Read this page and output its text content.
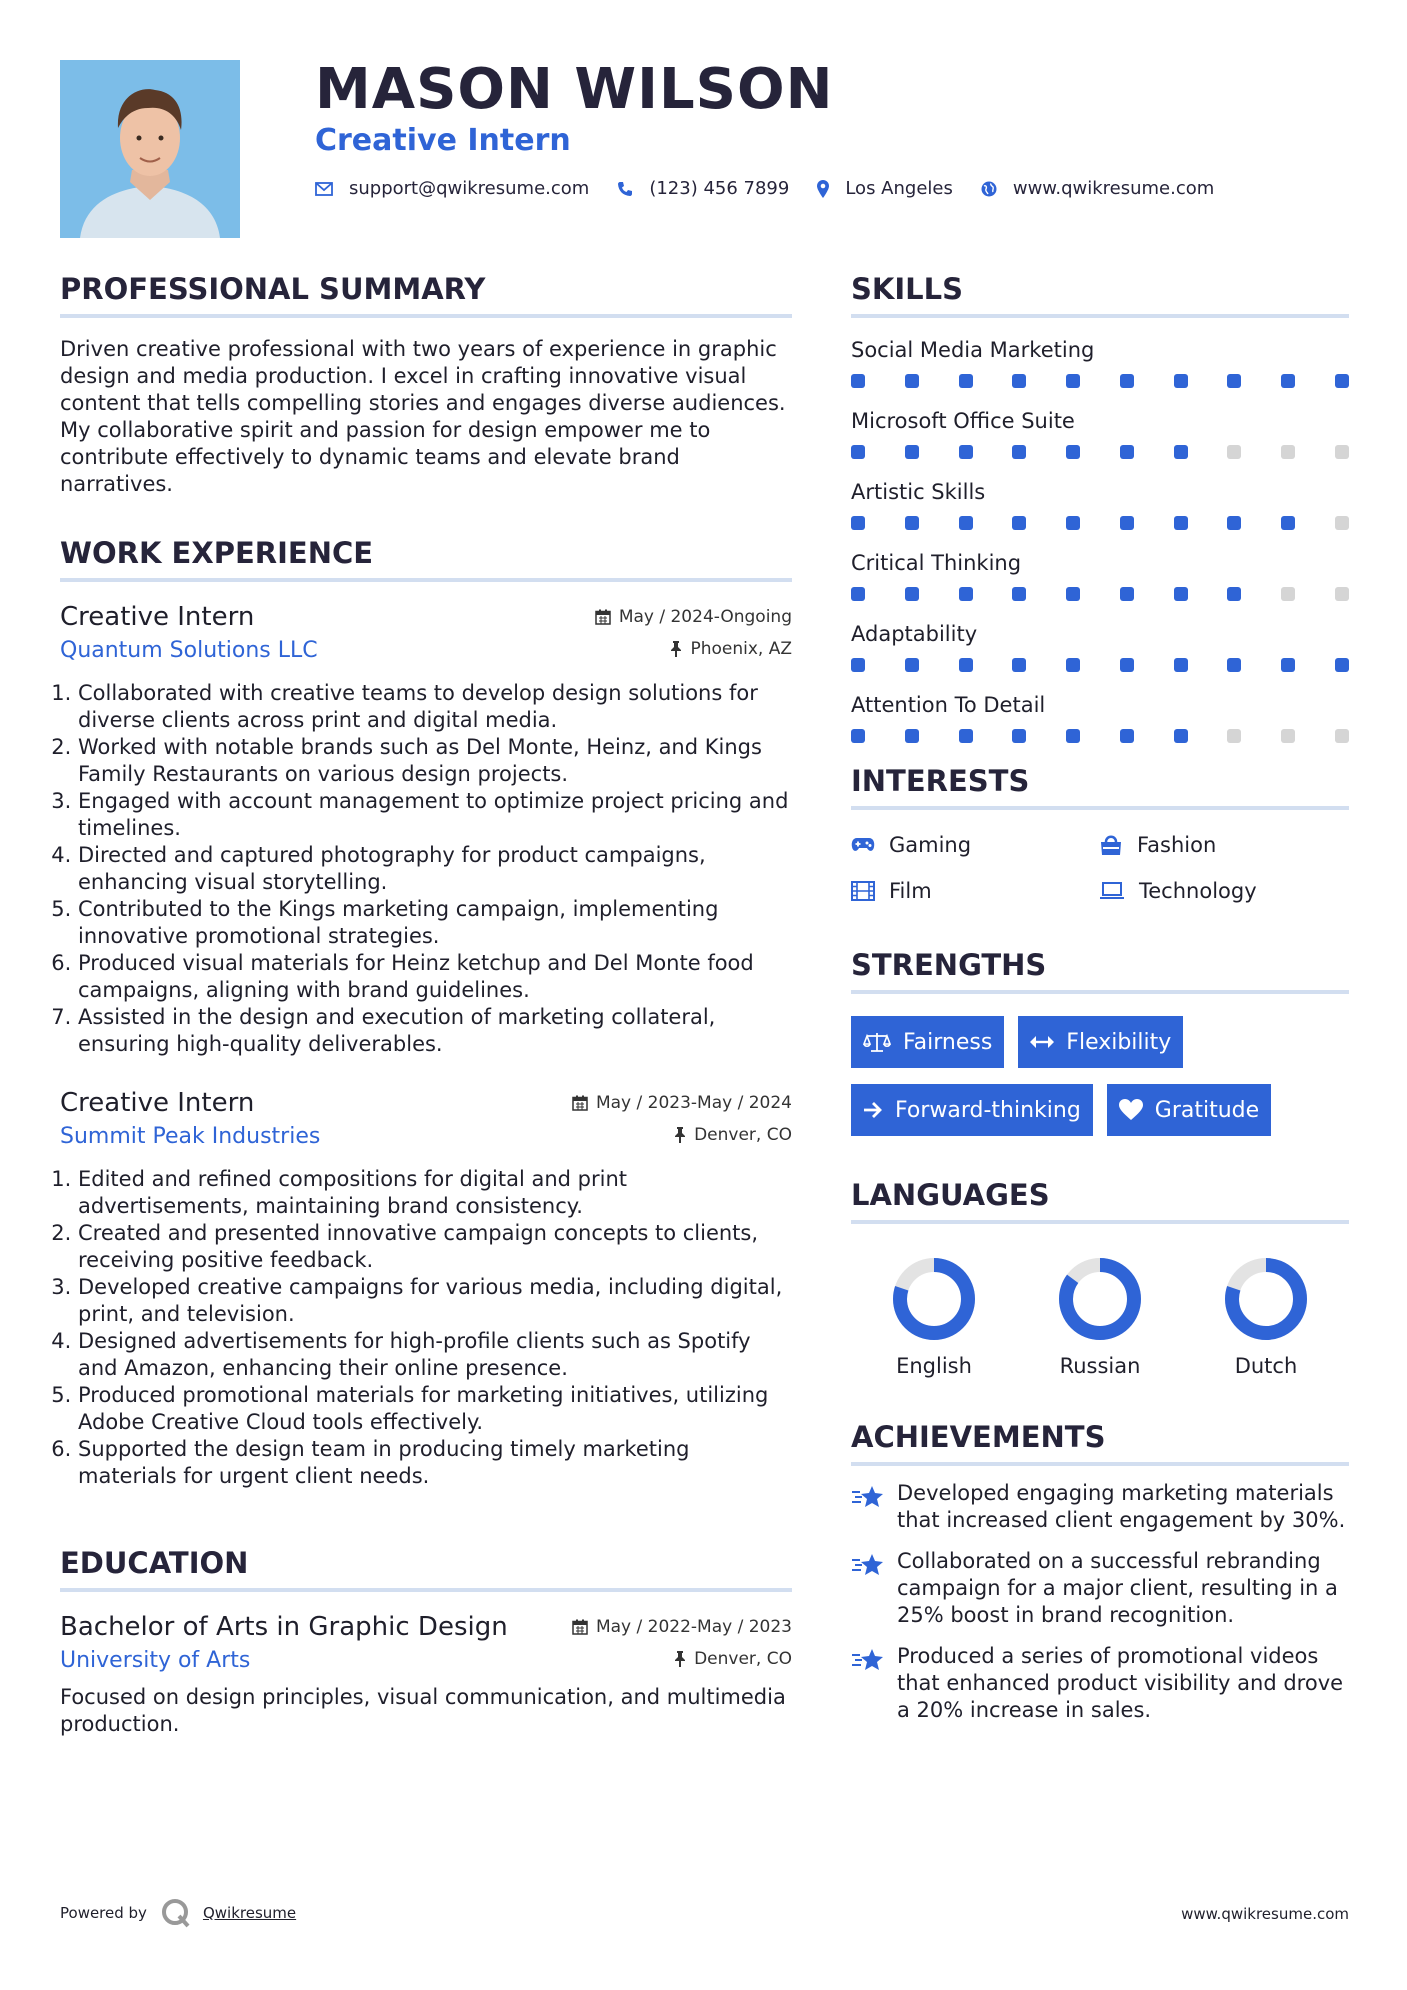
MASON WILSON
Creative Intern
support@qwikresume.com	(123) 456 7899	Los Angeles	www.qwikresume.com
PROFESSIONAL SUMMARY

Driven creative professional with two years of experience in graphic design and media production. I excel in crafting innovative visual content that tells compelling stories and engages diverse audiences. My collaborative spirit and passion for design empower me to contribute effectively to dynamic teams and elevate brand narratives.

WORK EXPERIENCE
Creative Intern	May / 2024-Ongoing
Quantum Solutions LLC	Phoenix, AZ
1. Collaborated with creative teams to develop design solutions for diverse clients across print and digital media.
2. Worked with notable brands such as Del Monte, Heinz, and Kings Family Restaurants on various design projects.
3. Engaged with account management to optimize project pricing and timelines.
4. Directed and captured photography for product campaigns, enhancing visual storytelling.
5. Contributed to the Kings marketing campaign, implementing innovative promotional strategies.
6. Produced visual materials for Heinz ketchup and Del Monte food campaigns, aligning with brand guidelines.
7. Assisted in the design and execution of marketing collateral, ensuring high-quality deliverables.
Creative Intern	May / 2023-May / 2024
Summit Peak Industries	Denver, CO
1. Edited and refined compositions for digital and print advertisements, maintaining brand consistency.
2. Created and presented innovative campaign concepts to clients, receiving positive feedback.
3. Developed creative campaigns for various media, including digital, print, and television.
4. Designed advertisements for high-profile clients such as Spotify and Amazon, enhancing their online presence.
5. Produced promotional materials for marketing initiatives, utilizing Adobe Creative Cloud tools effectively.
6. Supported the design team in producing timely marketing materials for urgent client needs.
EDUCATION
Bachelor of Arts in Graphic Design	May / 2022-May / 2023
University of Arts	Denver, CO

Focused on design principles, visual communication, and multimedia production.

SKILLS
Social Media Marketing
Microsoft Office Suite
Artistic Skills
Critical Thinking
Adaptability
Attention To Detail
INTERESTS
Gaming	Fashion
Film	Technology
STRENGTHS
Fairness	Flexibility
Forward-thinking	Gratitude
LANGUAGES
English	Russian	Dutch
ACHIEVEMENTS
Developed engaging marketing materials that increased client engagement by 30%.
Collaborated on a successful rebranding campaign for a major client, resulting in a 25% boost in brand recognition.
Produced a series of promotional videos that enhanced product visibility and drove a 20% increase in sales.
Powered by	Qwikresume	www.qwikresume.com
